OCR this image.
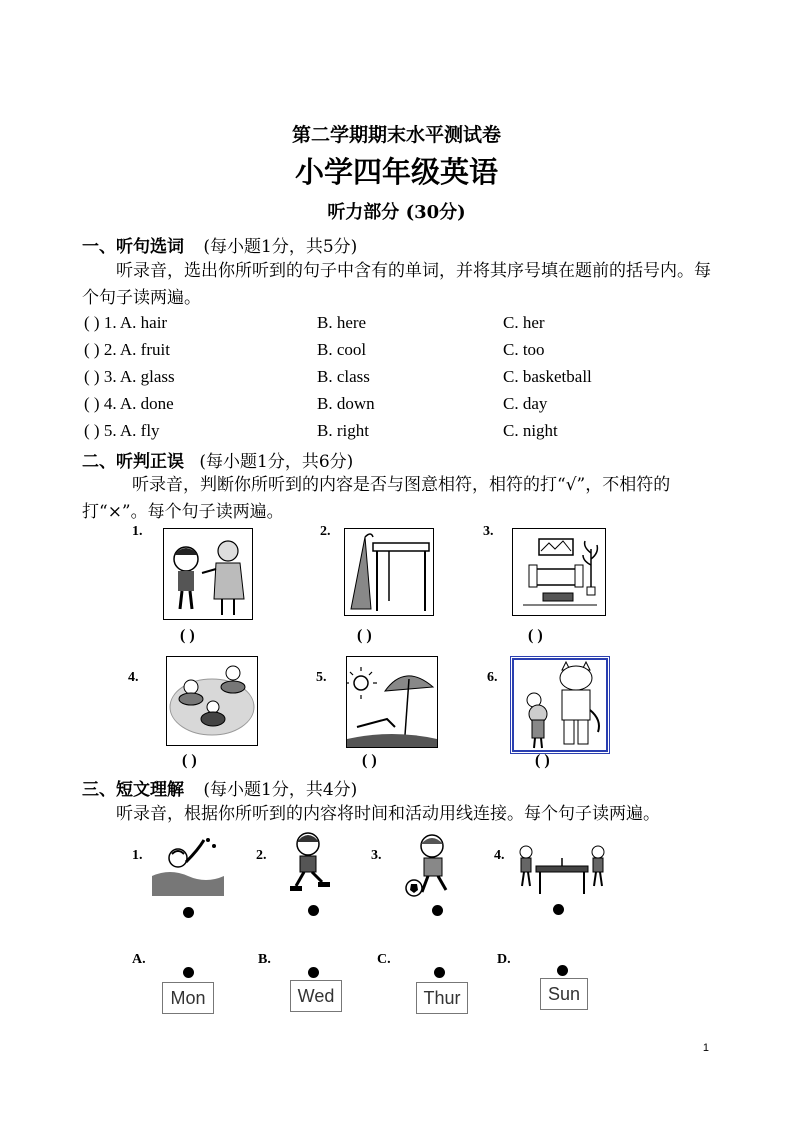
第二学期期末水平测试卷
小学四年级英语
听力部分 (30分)
一、听句选词 (每小题1分，共5分)
听录音，选出你所听到的句子中含有的单词，并将其序号填在题前的括号内。每个句子读两遍。
( ) 1. A. hair	B. here	C. her
( ) 2. A. fruit	B. cool	C. too
( ) 3. A. glass	B. class	C. basketball
( ) 4. A. done	B. down	C. day
( ) 5. A. fly	B. right	C. night
二、听判正误 (每小题1分，共6分)
听录音，判断你所听到的内容是否与图意相符，相符的打“√”，不相符的打“×”。每个句子读两遍。
1.
( )
2.
( )
3.
( )
4.
( )
5.
( )
6.
( )
三、短文理解 (每小题1分，共4分)
听录音，根据你所听到的内容将时间和活动用线连接。每个句子读两遍。
1.	2.	3.	4.
A.
Mon
B.
Wed
C.
Thur
D.
Sun
1
